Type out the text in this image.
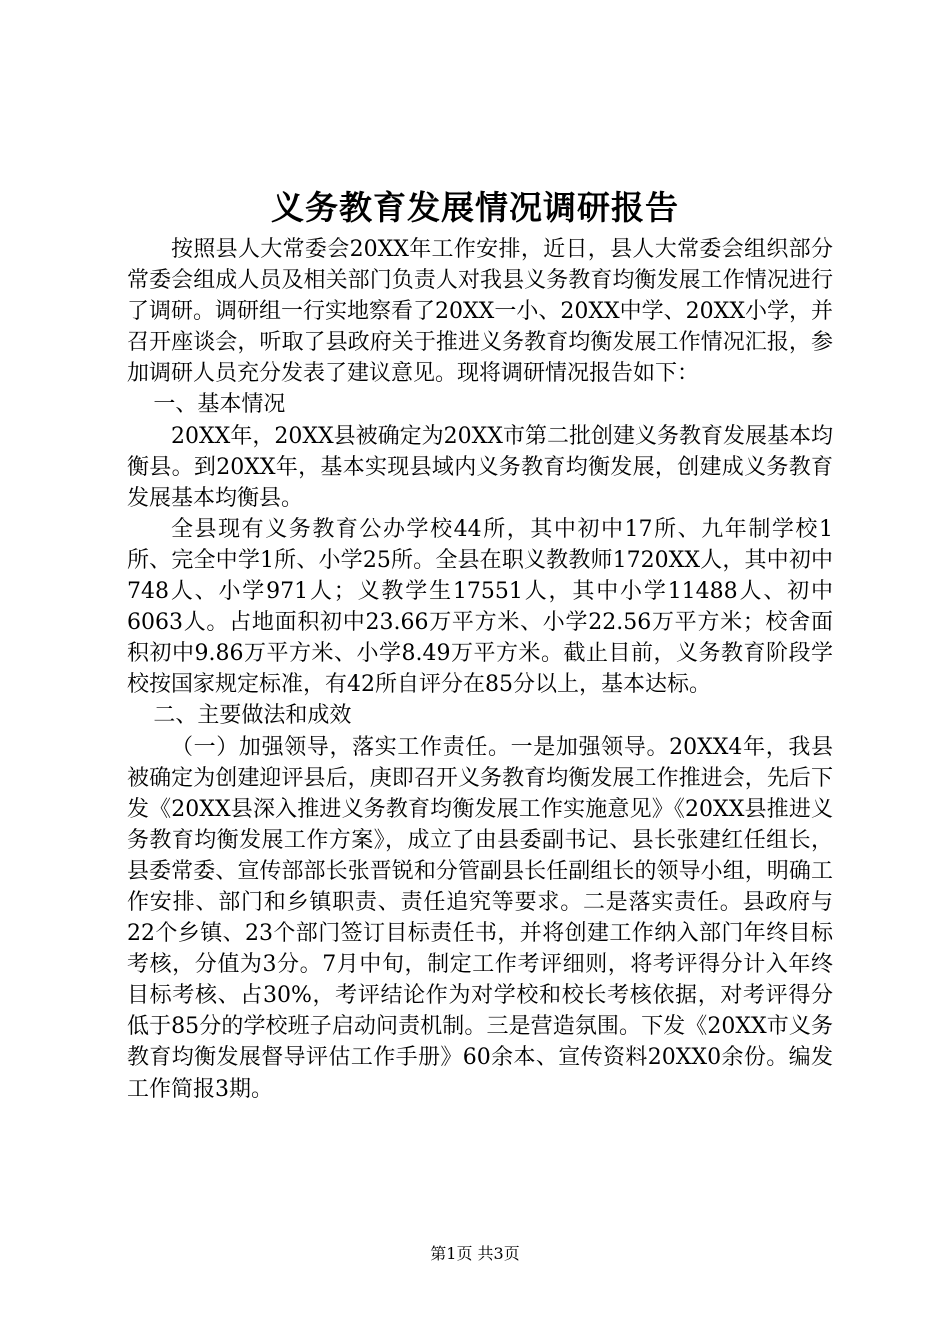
义务教育发展情况调研报告

按照县人大常委会20XX年工作安排，近日，县人大常委会组织部分常委会组成人员及相关部门负责人对我县义务教育均衡发展工作情况进行了调研。调研组一行实地察看了20XX一小、20XX中学、20XX小学，并召开座谈会，听取了县政府关于推进义务教育均衡发展工作情况汇报，参加调研人员充分发表了建议意见。现将调研情况报告如下：

一、基本情况

20XX年，20XX县被确定为20XX市第二批创建义务教育发展基本均衡县。到20XX年，基本实现县域内义务教育均衡发展，创建成义务教育发展基本均衡县。

全县现有义务教育公办学校44所，其中初中17所、九年制学校1所、完全中学1所、小学25所。全县在职义教教师1720XX人，其中初中748人、小学971人；义教学生17551人，其中小学11488人、初中6063人。占地面积初中23.66万平方米、小学22.56万平方米；校舍面积初中9.86万平方米、小学8.49万平方米。截止目前，义务教育阶段学校按国家规定标准，有42所自评分在85分以上，基本达标。

二、主要做法和成效

（一）加强领导，落实工作责任。一是加强领导。20XX4年，我县被确定为创建迎评县后，庚即召开义务教育均衡发展工作推进会，先后下发《20XX县深入推进义务教育均衡发展工作实施意见》《20XX县推进义务教育均衡发展工作方案》，成立了由县委副书记、县长张建红任组长，县委常委、宣传部部长张晋锐和分管副县长任副组长的领导小组，明确工作安排、部门和乡镇职责、责任追究等要求。二是落实责任。县政府与22个乡镇、23个部门签订目标责任书，并将创建工作纳入部门年终目标考核，分值为3分。7月中旬，制定工作考评细则，将考评得分计入年终目标考核、占30%，考评结论作为对学校和校长考核依据，对考评得分低于85分的学校班子启动问责机制。三是营造氛围。下发《20XX市义务教育均衡发展督导评估工作手册》60余本、宣传资料20XX0余份。编发工作简报3期。

第1页 共3页
